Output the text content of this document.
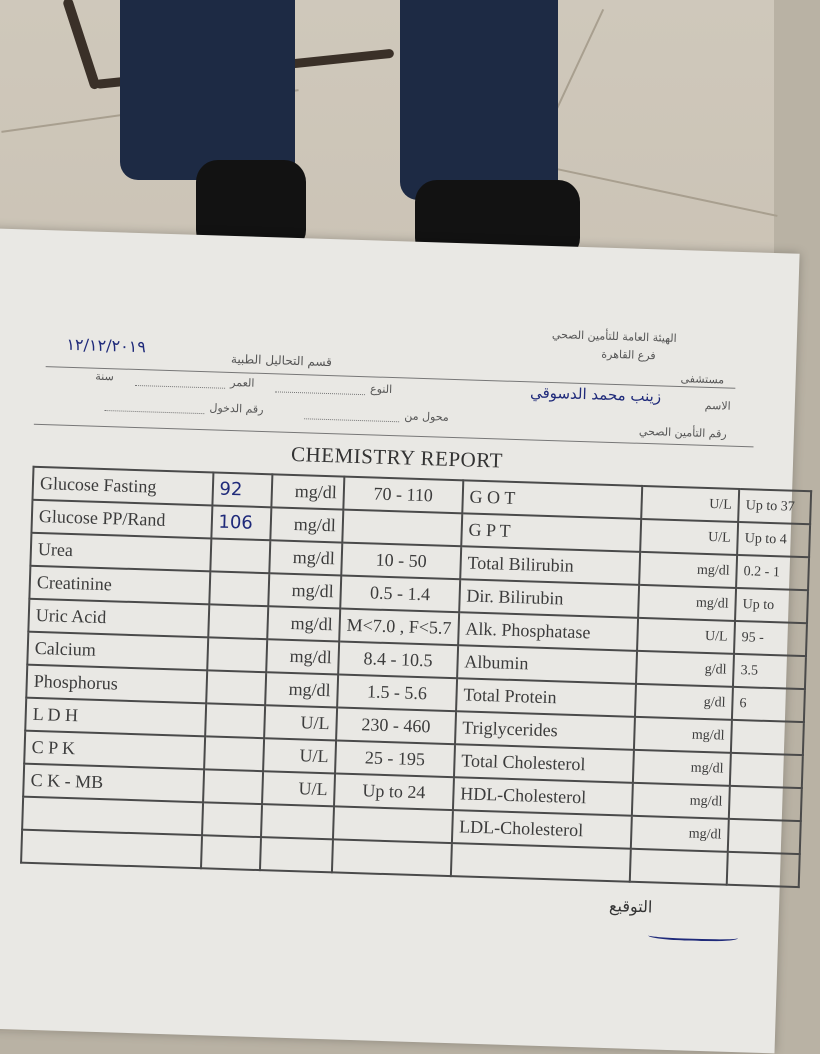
الهيئة العامة للتأمين الصحي
فرع القاهرة
مستشفى
قسم التحاليل الطبية
١٢/١٢/٢٠١٩
الاسم
زينب محمد الدسوقي
النوع
العمر
سنة
رقم التأمين الصحي
محول من
رقم الدخول
CHEMISTRY REPORT
Glucose Fasting	92	mg/dl	70 - 110	G O T	U/L	Up to 37
Glucose PP/Rand	106	mg/dl		G P T	U/L	Up to 4
Urea		mg/dl	10 - 50	Total Bilirubin	mg/dl	0.2 - 1
Creatinine		mg/dl	0.5 - 1.4	Dir. Bilirubin	mg/dl	Up to
Uric Acid		mg/dl	M<7.0 , F<5.7	Alk. Phosphatase	U/L	95 -
Calcium		mg/dl	8.4 - 10.5	Albumin	g/dl	3.5
Phosphorus		mg/dl	1.5 - 5.6	Total Protein	g/dl	6
L D H		U/L	230 - 460	Triglycerides	mg/dl	
C P K		U/L	25 - 195	Total Cholesterol	mg/dl	
C K - MB		U/L	Up to 24	HDL-Cholesterol	mg/dl	
				LDL-Cholesterol	mg/dl	

التوقيع
